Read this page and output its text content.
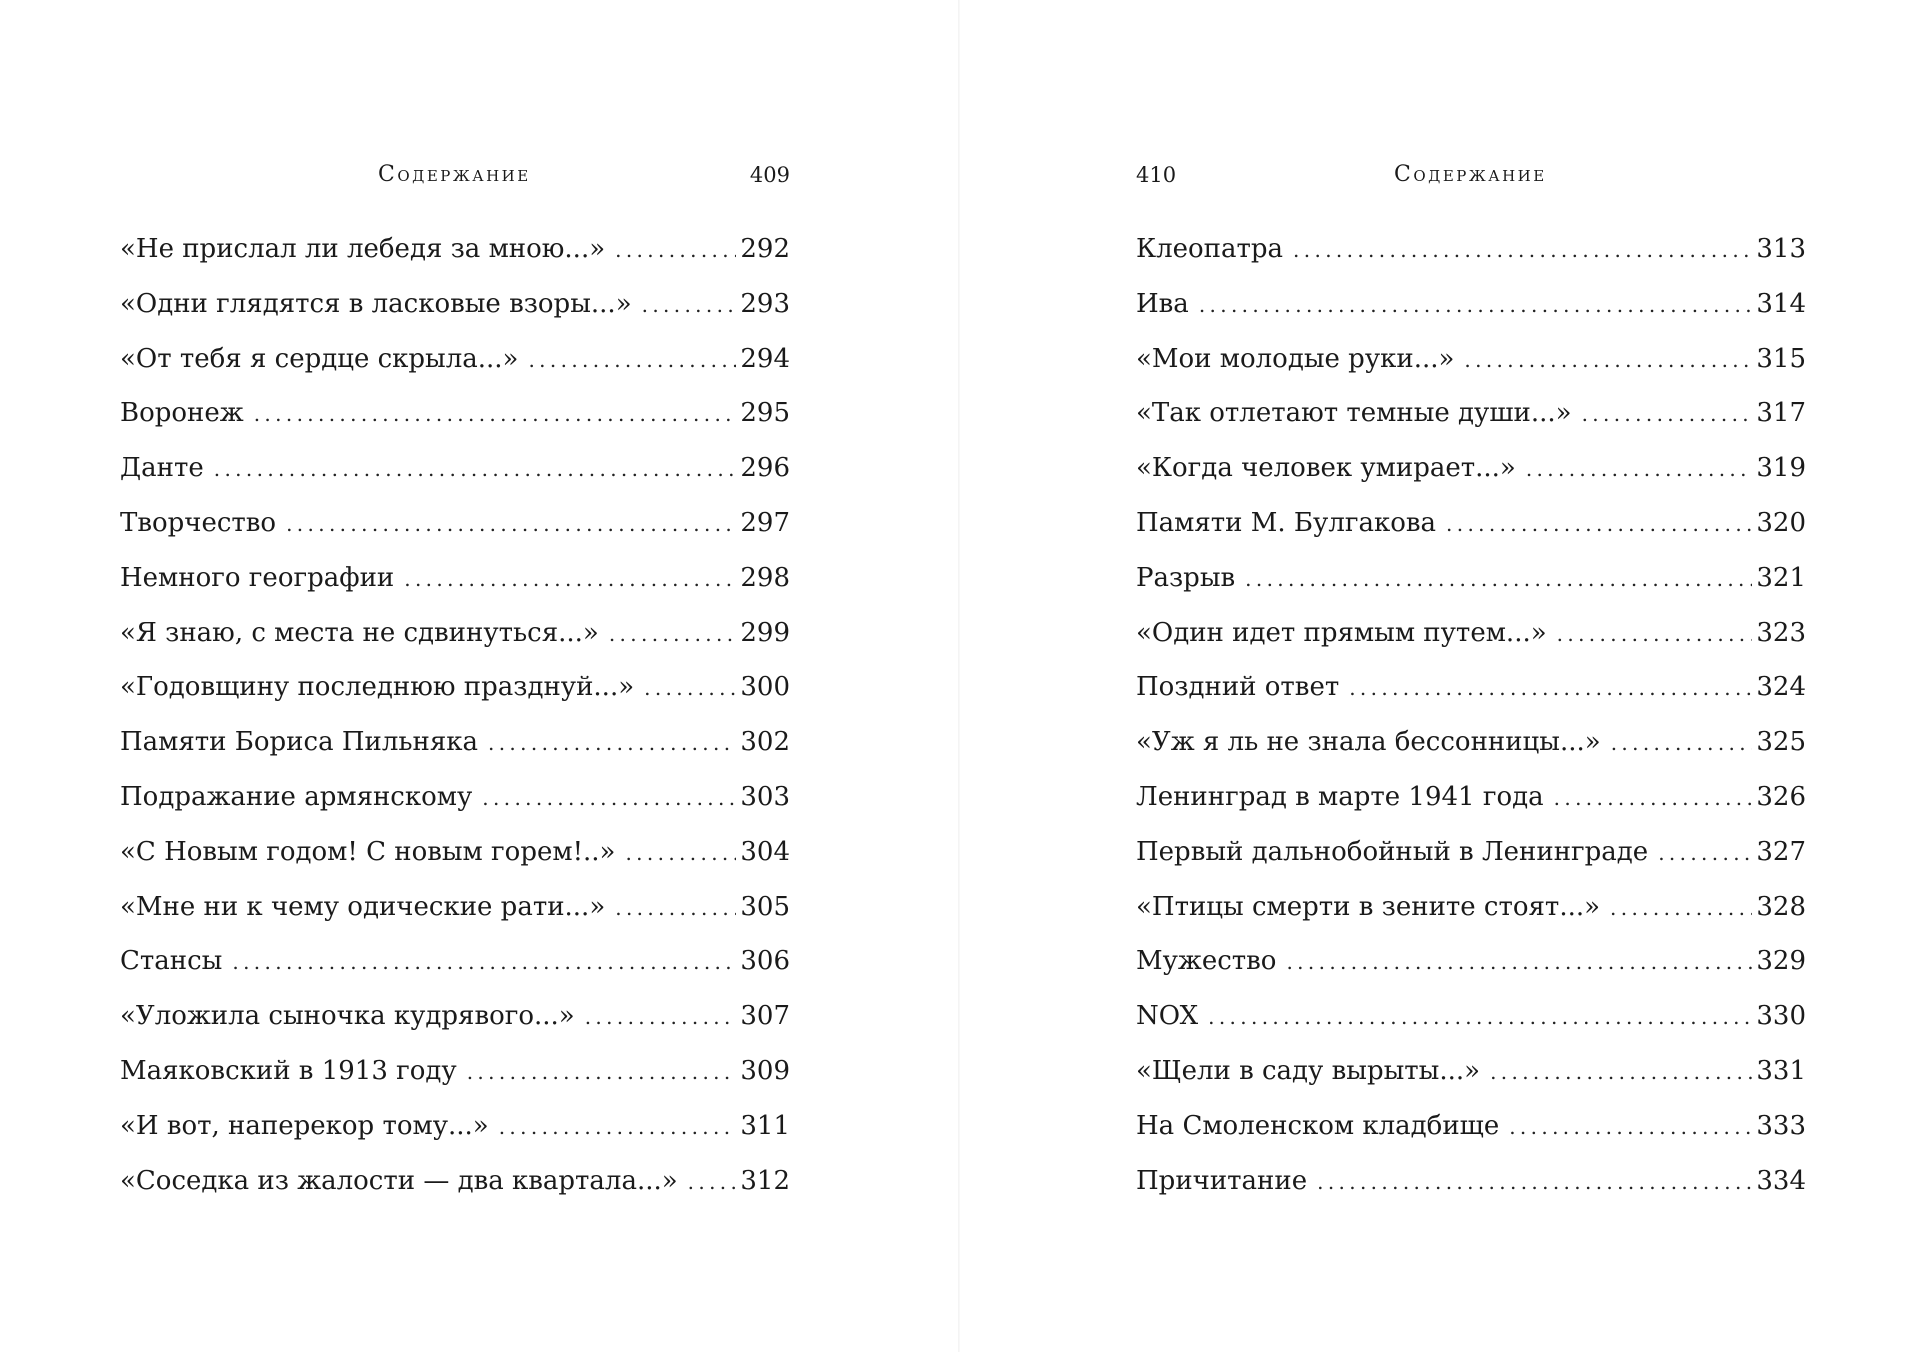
Содержание	409
«Не прислал ли лебедя за мною...» . . .	292
«Одни глядятся в ласковые взоры...» . . .	293
«От тебя я сердце скрыла...» . . .	294
Воронеж . . .	295
Данте . . .	296
Творчество . . .	297
Немного географии . . .	298
«Я знаю, с места не сдвинуться...» . . .	299
«Годовщину последнюю празднуй...» . . .	300
Памяти Бориса Пильняка . . .	302
Подражание армянскому . . .	303
«С Новым годом! С новым горем!..» . . .	304
«Мне ни к чему одические рати...» . . .	305
Стансы . . .	306
«Уложила сыночка кудрявого...» . . .	307
Маяковский в 1913 году . . .	309
«И вот, наперекор тому...» . . .	311
«Соседка из жалости — два квартала...» . . . 312
410	Содержание
Клеопатра . . .	313
Ива . . .	314
«Мои молодые руки...» . . .	315
«Так отлетают темные души...» . . .	317
«Когда человек умирает...» . . .	319
Памяти М. Булгакова . . .	320
Разрыв . . .	321
«Один идет прямым путем...» . . .	323
Поздний ответ . . .	324
«Уж я ль не знала бессонницы...» . . .	325
Ленинград в марте 1941 года . . .	326
Первый дальнобойный в Ленинграде . . .	327
«Птицы смерти в зените стоят...» . . .	328
Мужество . . .	329
NOX . . .	330
«Щели в саду вырыты...» . . .	331
На Смоленском кладбище . . .	333
Причитание . . .	334
